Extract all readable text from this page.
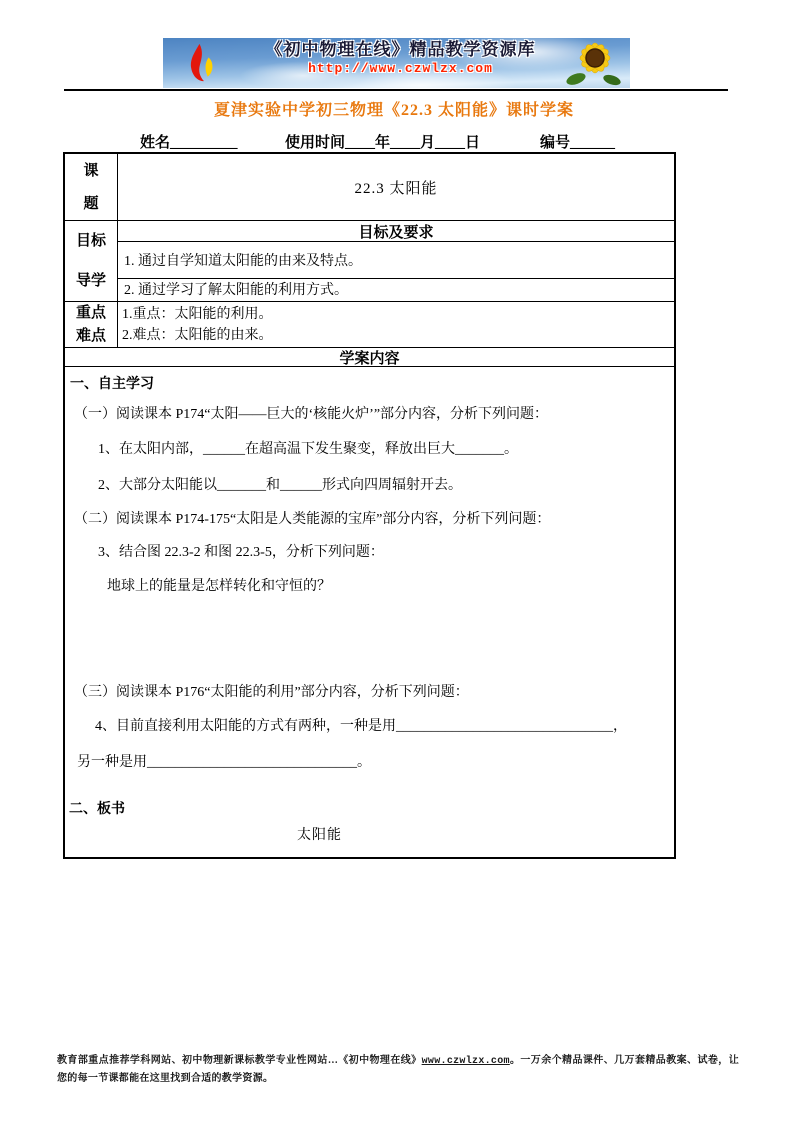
《初中物理在线》精品教学资源库
http://www.czwlzx.com
夏津实验中学初三物理《22.3 太阳能》课时学案
姓名_________	使用时间____年____月____日	编号______
课
题
22.3 太阳能
目标
导学
目标及要求
1. 通过自学知道太阳能的由来及特点。
2. 通过学习了解太阳能的利用方式。
重点
难点
1.重点：太阳能的利用。
2.难点：太阳能的由来。
学案内容

一、自主学习

（一）阅读课本 P174“太阳——巨大的‘核能火炉’”部分内容，分析下列问题：

1、在太阳内部，______在超高温下发生聚变，释放出巨大_______。

2、大部分太阳能以_______和______形式向四周辐射开去。

（二）阅读课本 P174-175“太阳是人类能源的宝库”部分内容，分析下列问题：

3、结合图 22.3-2 和图 22.3-5，分析下列问题：

地球上的能量是怎样转化和守恒的？

（三）阅读课本 P176“太阳能的利用”部分内容，分析下列问题：

4、目前直接利用太阳能的方式有两种，一种是用_______________________________，

另一种是用______________________________。

二、板书

太阳能

教育部重点推荐学科网站、初中物理新课标教学专业性网站…《初中物理在线》www.czwlzx.com。一万余个精品课件、几万套精品教案、试卷，让您的每一节课都能在这里找到合适的教学资源。
